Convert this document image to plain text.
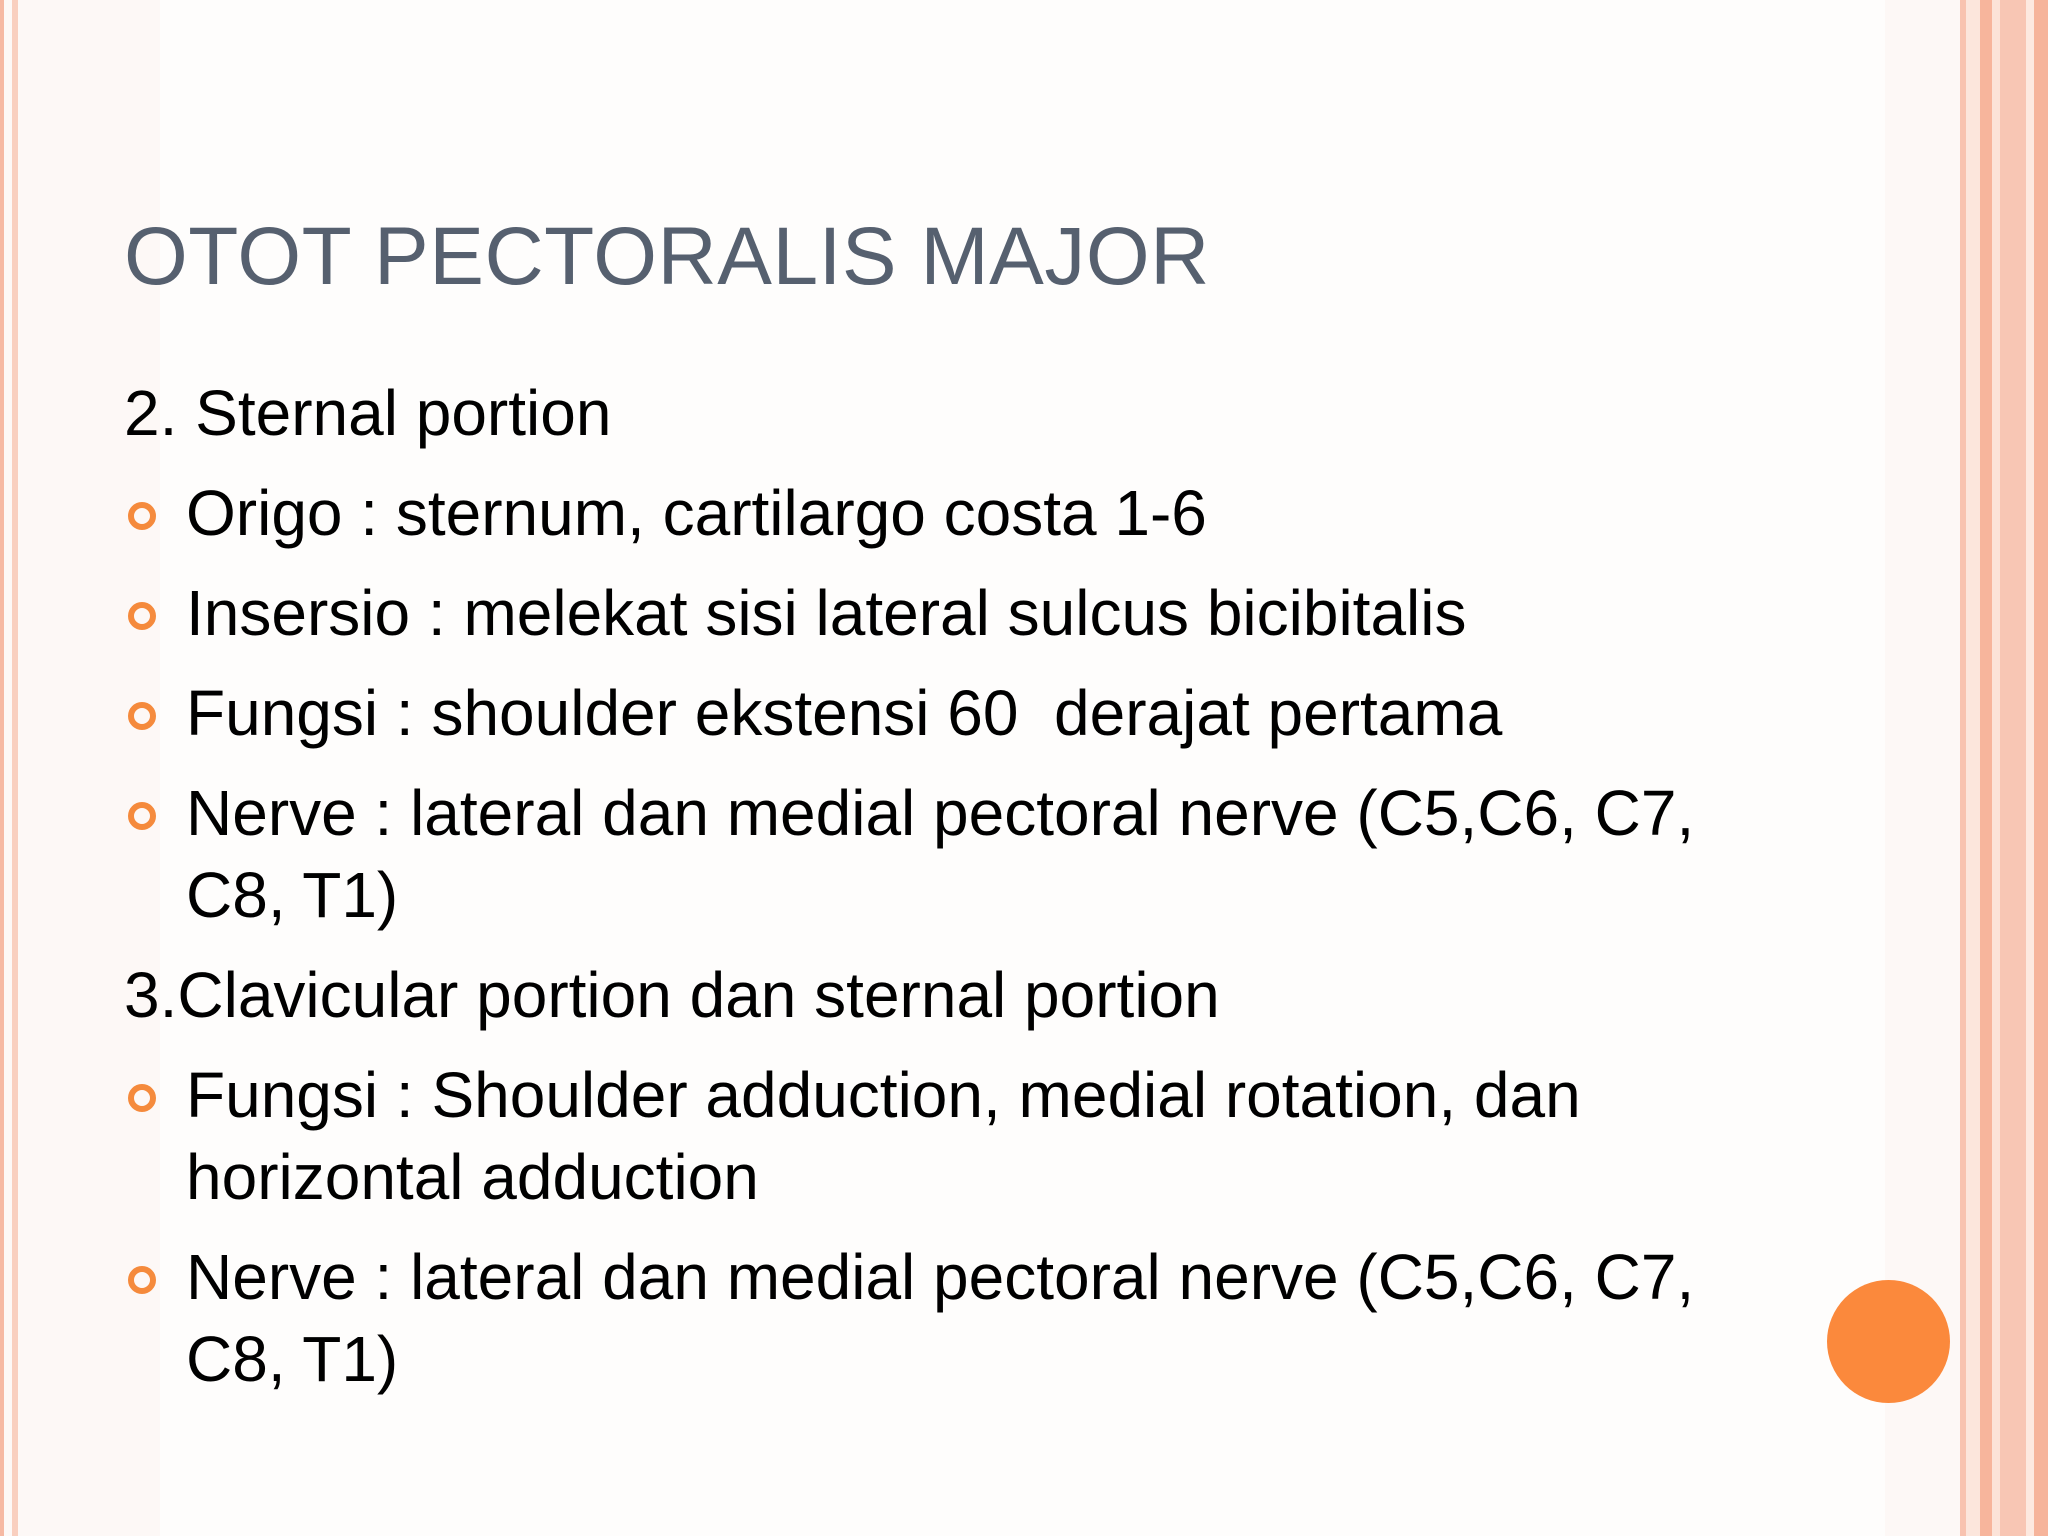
OTOT PECTORALIS MAJOR

2. Sternal portion

Origo : sternum, cartilargo costa 1-6
Insersio : melekat sisi lateral sulcus bicibitalis
Fungsi : shoulder ekstensi 60  derajat pertama
Nerve : lateral dan medial pectoral nerve (C5,C6, C7, C8, T1)

3.Clavicular portion dan sternal portion

Fungsi : Shoulder adduction, medial rotation, dan horizontal adduction
Nerve : lateral dan medial pectoral nerve (C5,C6, C7, C8, T1)
